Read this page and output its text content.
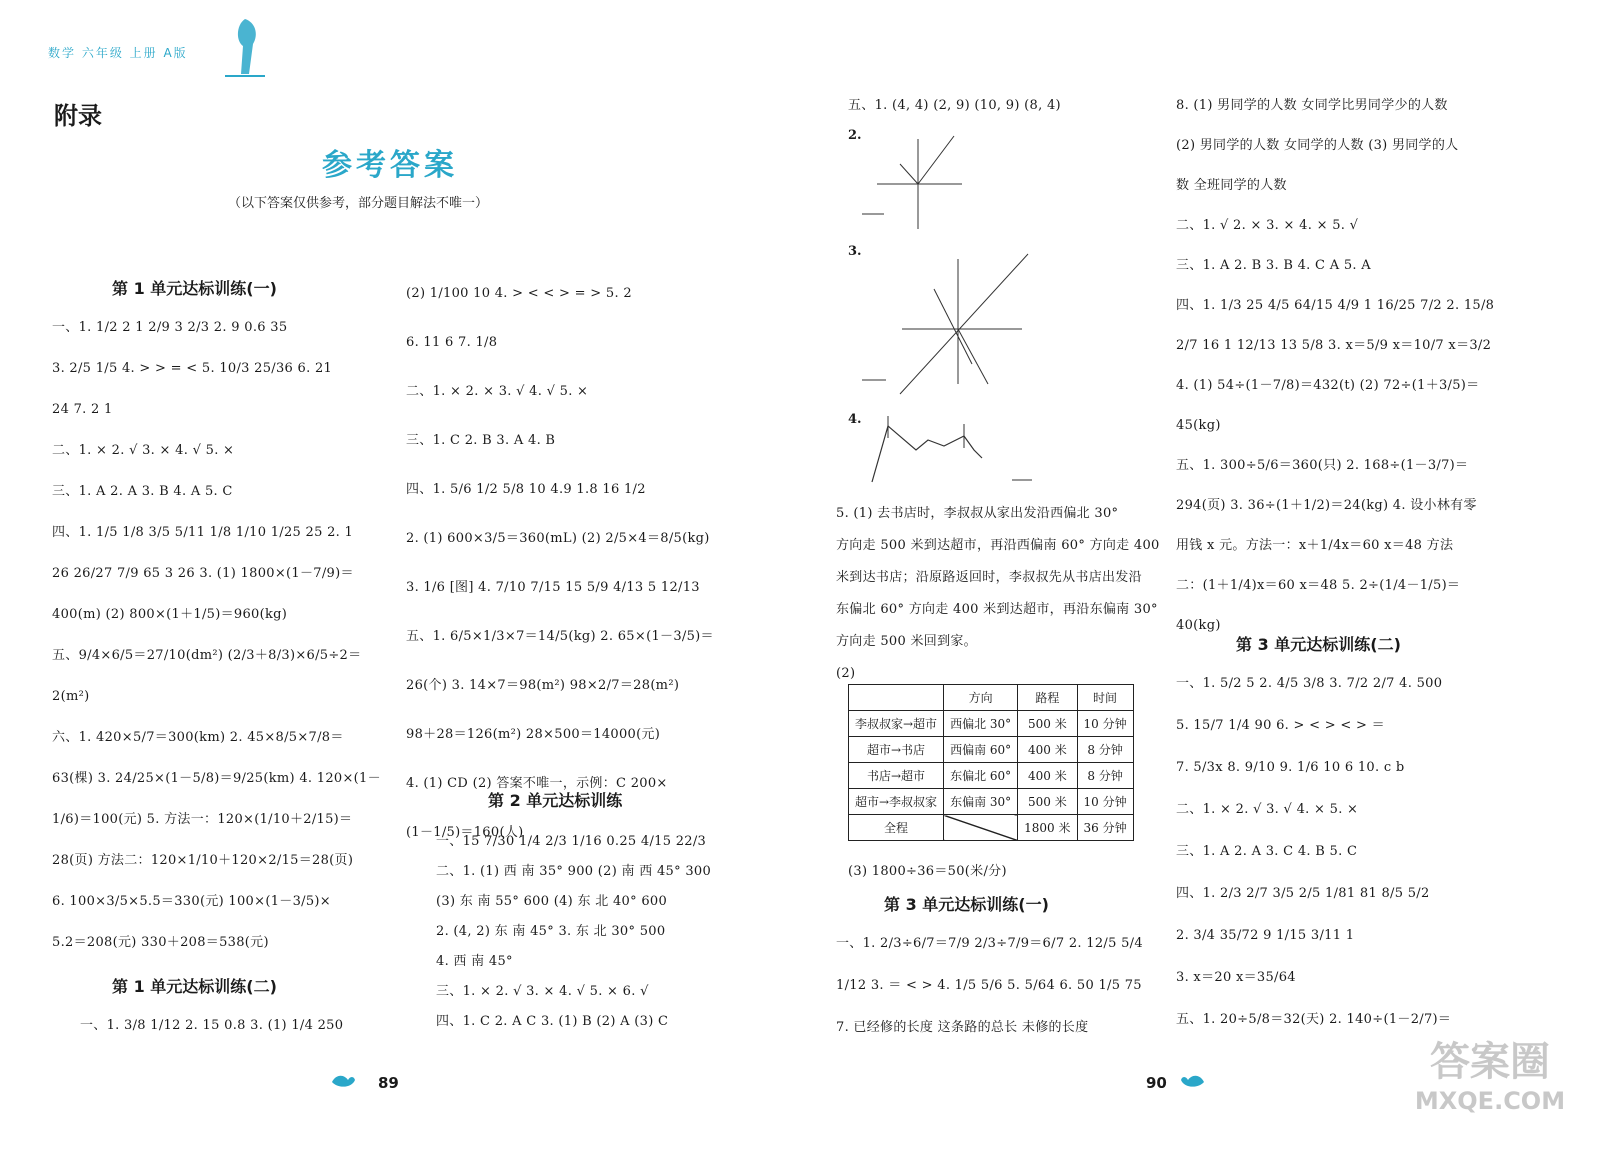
数学 六年级 上册 A版
附录
参考答案
（以下答案仅供参考，部分题目解法不唯一）
第 1 单元达标训练(一)
一、1. 1/2 2 1 2/9 3 2/3 2. 9 0.6 35
3. 2/5 1/5 4. > > = < 5. 10/3 25/36 6. 21
24 7. 2 1
二、1. × 2. √ 3. × 4. √ 5. ×
三、1. A 2. A 3. B 4. A 5. C
四、1. 1/5 1/8 3/5 5/11 1/8 1/10 1/25 25 2. 1
26 26/27 7/9 65 3 26 3. (1) 1800×(1－7/9)＝
400(m) (2) 800×(1＋1/5)＝960(kg)
五、9/4×6/5＝27/10(dm²) (2/3＋8/3)×6/5÷2＝
2(m²)
六、1. 420×5/7＝300(km) 2. 45×8/5×7/8＝
63(棵) 3. 24/25×(1－5/8)＝9/25(km) 4. 120×(1－
1/6)＝100(元) 5. 方法一：120×(1/10＋2/15)＝
28(页) 方法二：120×1/10＋120×2/15＝28(页)
6. 100×3/5×5.5＝330(元) 100×(1－3/5)×
5.2＝208(元) 330＋208＝538(元)
第 1 单元达标训练(二)
一、1. 3/8 1/12 2. 15 0.8 3. (1) 1/4 250
(2) 1/100 10 4. > < < > = > 5. 2
6. 11 6 7. 1/8
二、1. × 2. × 3. √ 4. √ 5. ×
三、1. C 2. B 3. A 4. B
四、1. 5/6 1/2 5/8 10 4.9 1.8 16 1/2
2. (1) 600×3/5＝360(mL) (2) 2/5×4＝8/5(kg)
3. 1/6 [图] 4. 7/10 7/15 15 5/9 4/13 5 12/13
五、1. 6/5×1/3×7＝14/5(kg) 2. 65×(1－3/5)＝
26(个) 3. 14×7＝98(m²) 98×2/7＝28(m²)
98＋28＝126(m²) 28×500＝14000(元)
4. (1) CD (2) 答案不唯一，示例：C 200×
(1－1/5)＝160(人)
第 2 单元达标训练
一、15 7/30 1/4 2/3 1/16 0.25 4/15 22/3
二、1. (1) 西 南 35° 900 (2) 南 西 45° 300
(3) 东 南 55° 600 (4) 东 北 40° 600
2. (4, 2) 东 南 45° 3. 东 北 30° 500
4. 西 南 45°
三、1. × 2. √ 3. × 4. √ 5. × 6. √
四、1. C 2. A C 3. (1) B (2) A (3) C
五、1. (4, 4) (2, 9) (10, 9) (8, 4)
2.
3.
4.
5. (1) 去书店时，李叔叔从家出发沿西偏北 30°
方向走 500 米到达超市，再沿西偏南 60° 方向走 400
米到达书店；沿原路返回时，李叔叔先从书店出发沿
东偏北 60° 方向走 400 米到达超市，再沿东偏南 30°
方向走 500 米回到家。
(2)
	方向	路程	时间
李叔叔家→超市	西偏北 30°	500 米	10 分钟
超市→书店	西偏南 60°	400 米	8 分钟
书店→超市	东偏北 60°	400 米	8 分钟
超市→李叔叔家	东偏南 30°	500 米	10 分钟
全程		1800 米	36 分钟
(3) 1800÷36＝50(米/分)
第 3 单元达标训练(一)
一、1. 2/3÷6/7＝7/9 2/3÷7/9＝6/7 2. 12/5 5/4
1/12 3. ＝ < > 4. 1/5 5/6 5. 5/64 6. 50 1/5 75
7. 已经修的长度 这条路的总长 未修的长度
8. (1) 男同学的人数 女同学比男同学少的人数
(2) 男同学的人数 女同学的人数 (3) 男同学的人
数 全班同学的人数
二、1. √ 2. × 3. × 4. × 5. √
三、1. A 2. B 3. B 4. C A 5. A
四、1. 1/3 25 4/5 64/15 4/9 1 16/25 7/2 2. 15/8
2/7 16 1 12/13 13 5/8 3. x＝5/9 x＝10/7 x＝3/2
4. (1) 54÷(1－7/8)＝432(t) (2) 72÷(1＋3/5)＝
45(kg)
五、1. 300÷5/6＝360(只) 2. 168÷(1－3/7)＝
294(页) 3. 36÷(1＋1/2)＝24(kg) 4. 设小林有零
用钱 x 元。方法一：x＋1/4x＝60 x＝48 方法
二：(1＋1/4)x＝60 x＝48 5. 2÷(1/4－1/5)＝
40(kg)
第 3 单元达标训练(二)
一、1. 5/2 5 2. 4/5 3/8 3. 7/2 2/7 4. 500
5. 15/7 1/4 90 6. > < > < > ＝
7. 5/3x 8. 9/10 9. 1/6 10 6 10. c b
二、1. × 2. √ 3. √ 4. × 5. ×
三、1. A 2. A 3. C 4. B 5. C
四、1. 2/3 2/7 3/5 2/5 1/81 81 8/5 5/2
2. 3/4 35/72 9 1/15 3/11 1
3. x＝20 x＝35/64
五、1. 20÷5/8＝32(天) 2. 140÷(1－2/7)＝
89	90	答案圈
MXQE.COM
